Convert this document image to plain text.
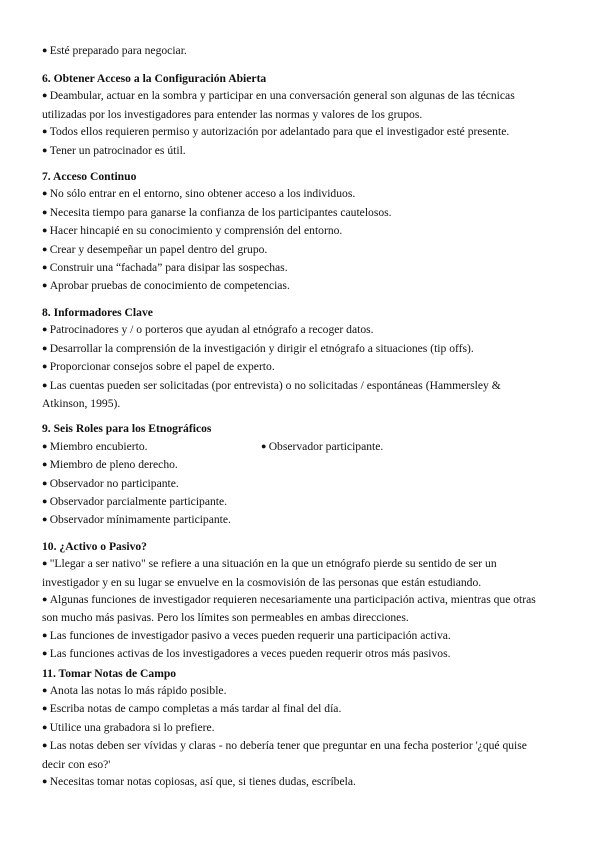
● Esté preparado para negociar.
6. Obtener Acceso a la Configuración Abierta
● Deambular, actuar en la sombra y participar en una conversación general son algunas de las técnicas utilizadas por los investigadores para entender las normas y valores de los grupos.
● Todos ellos requieren permiso y autorización por adelantado para que el investigador esté presente.
● Tener un patrocinador es útil.
7. Acceso Continuo
● No sólo entrar en el entorno, sino obtener acceso a los individuos.
● Necesita tiempo para ganarse la confianza de los participantes cautelosos.
● Hacer hincapié en su conocimiento y comprensión del entorno.
● Crear y desempeñar un papel dentro del grupo.
● Construir una “fachada” para disipar las sospechas.
● Aprobar pruebas de conocimiento de competencias.
8. Informadores Clave
● Patrocinadores y / o porteros que ayudan al etnógrafo a recoger datos.
● Desarrollar la comprensión de la investigación y dirigir el etnógrafo a situaciones (tip offs).
● Proporcionar consejos sobre el papel de experto.
● Las cuentas pueden ser solicitadas (por entrevista) o no solicitadas / espontáneas (Hammersley & Atkinson, 1995).
9. Seis Roles para los Etnográficos
● Miembro encubierto.
●	Observador participante.
● Miembro de pleno derecho.
● Observador no participante.
● Observador parcialmente participante.
● Observador mínimamente participante.
10. ¿Activo o Pasivo?
● "Llegar a ser nativo" se refiere a una situación en la que un etnógrafo pierde su sentido de ser un investigador y en su lugar se envuelve en la cosmovisión de las personas que están estudiando.
● Algunas funciones de investigador requieren necesariamente una participación activa, mientras que otras son mucho más pasivas. Pero los límites son permeables en ambas direcciones.
● Las funciones de investigador pasivo a veces pueden requerir una participación activa.
● Las funciones activas de los investigadores a veces pueden requerir otros más pasivos.
11. Tomar Notas de Campo
● Anota las notas lo más rápido posible.
● Escriba notas de campo completas a más tardar al final del día.
● Utilice una grabadora si lo prefiere.
● Las notas deben ser vívidas y claras - no debería tener que preguntar en una fecha posterior '¿qué quise decir con eso?'
● Necesitas tomar notas copiosas, así que, si tienes dudas, escríbela.
